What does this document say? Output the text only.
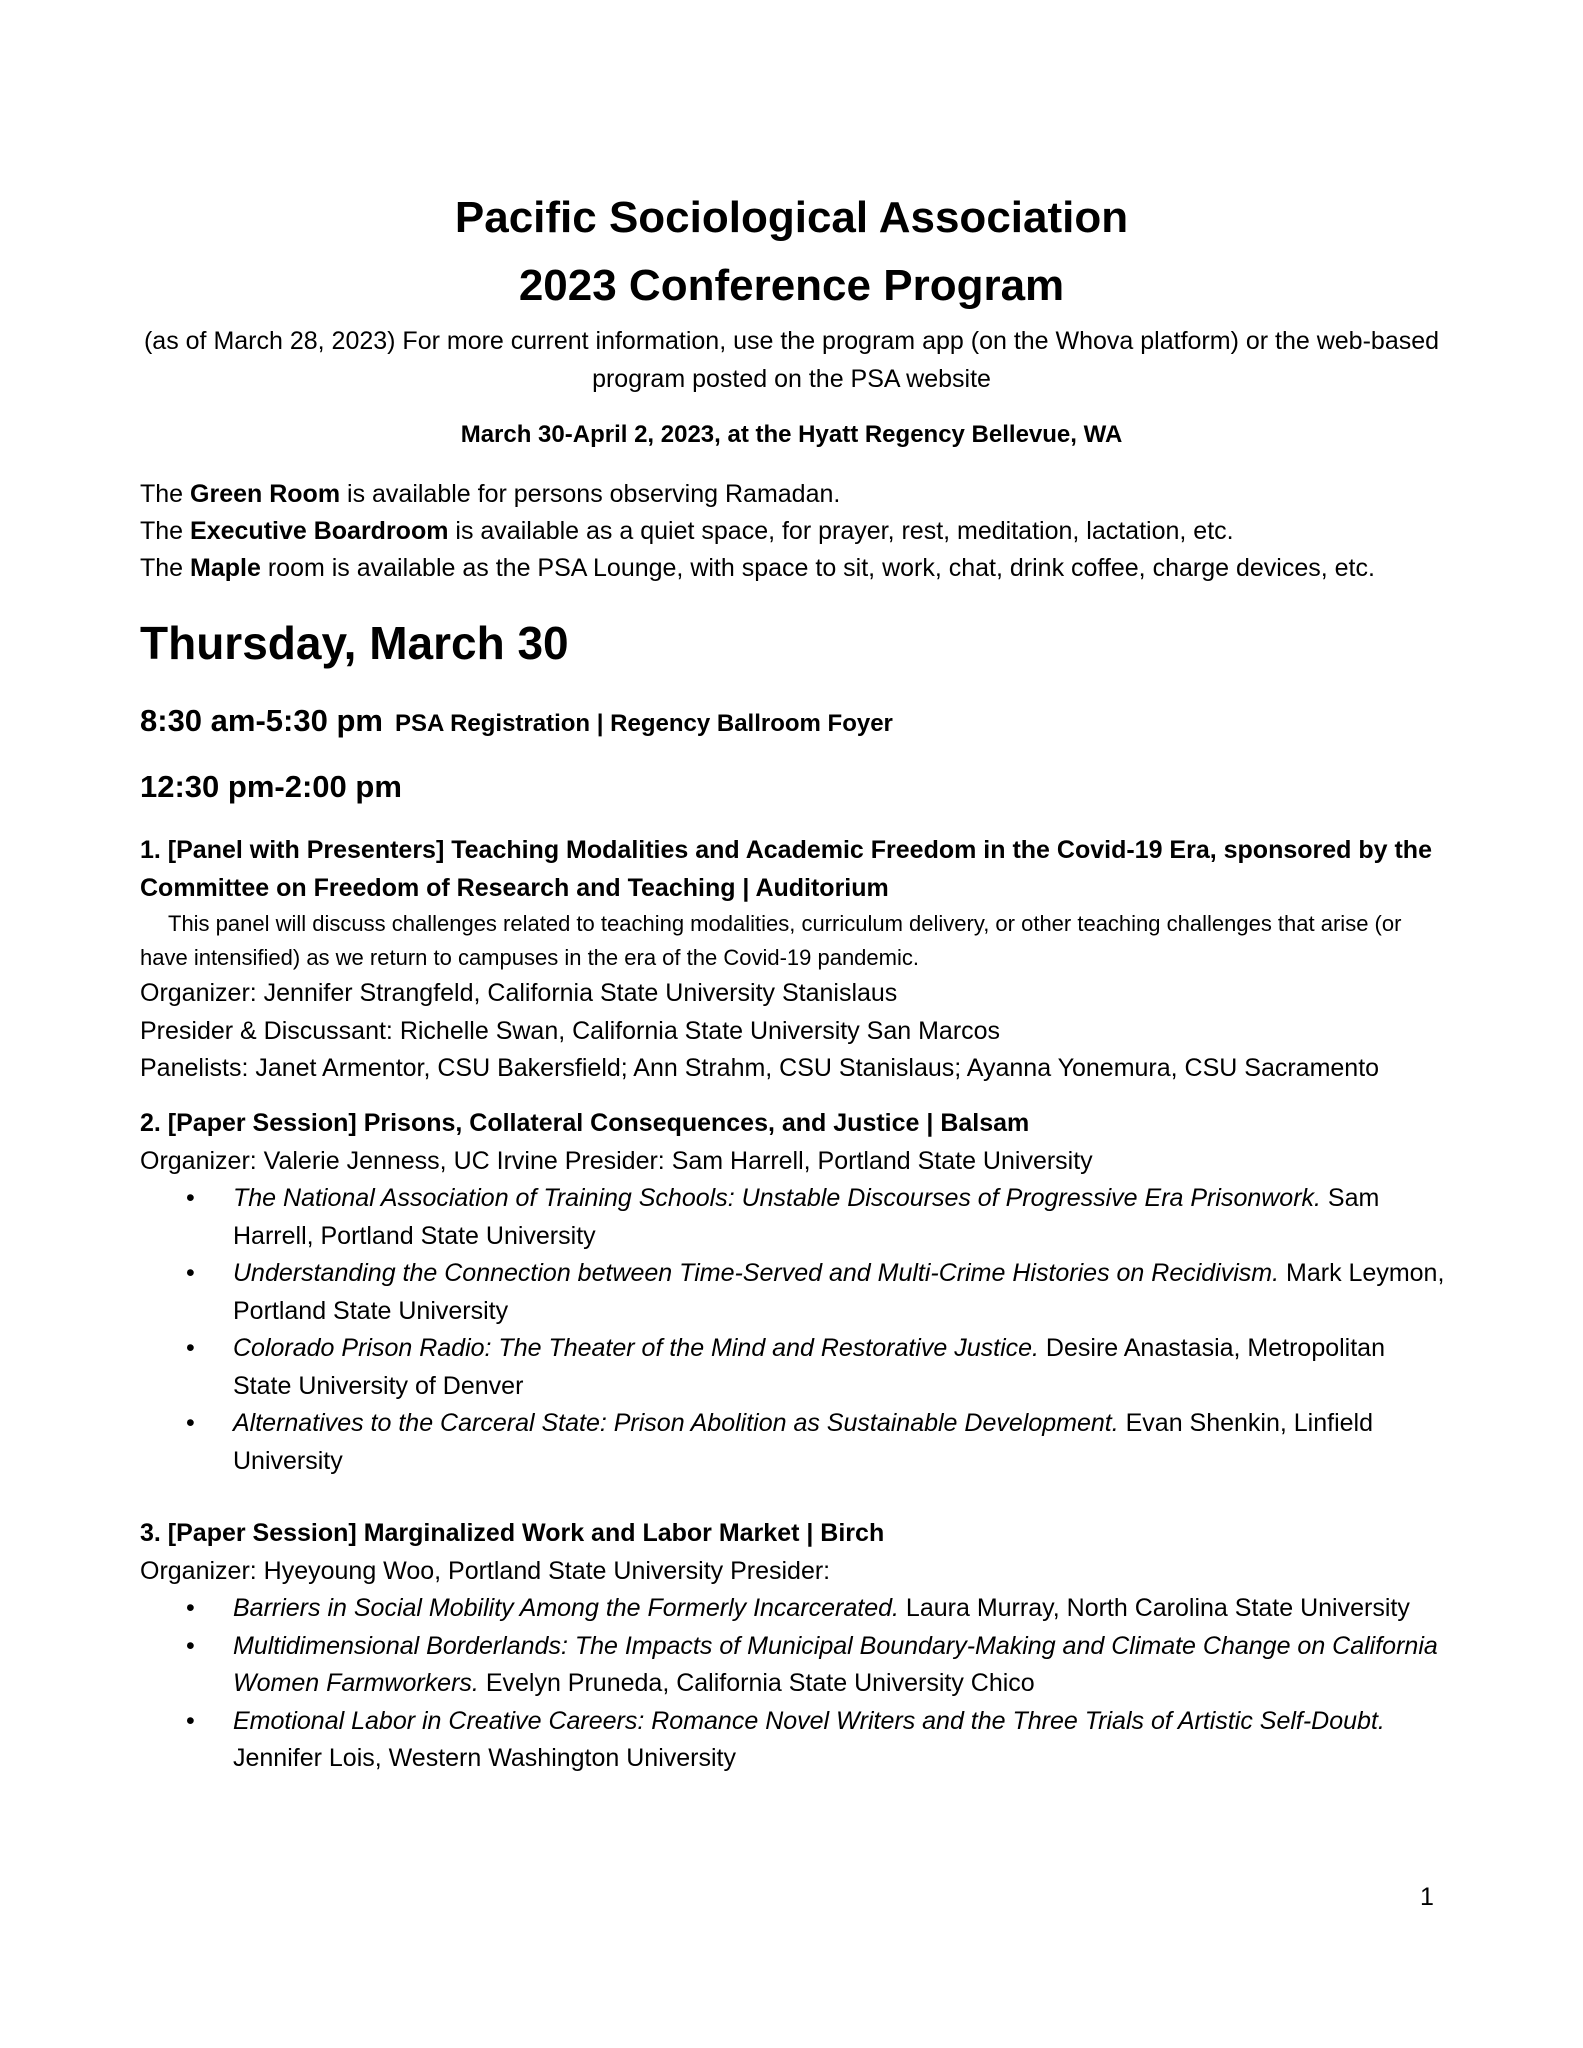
Pacific Sociological Association
2023 Conference Program
(as of March 28, 2023) For more current information, use the program app (on the Whova platform) or the web-based program posted on the PSA website
March 30-April 2, 2023, at the Hyatt Regency Bellevue, WA
The Green Room is available for persons observing Ramadan.
The Executive Boardroom is available as a quiet space, for prayer, rest, meditation, lactation, etc.
The Maple room is available as the PSA Lounge, with space to sit, work, chat, drink coffee, charge devices, etc.
Thursday, March 30
8:30 am-5:30 pm PSA Registration | Regency Ballroom Foyer
12:30 pm-2:00 pm
1. [Panel with Presenters] Teaching Modalities and Academic Freedom in the Covid-19 Era, sponsored by the Committee on Freedom of Research and Teaching | Auditorium
This panel will discuss challenges related to teaching modalities, curriculum delivery, or other teaching challenges that arise (or have intensified) as we return to campuses in the era of the Covid-19 pandemic.
Organizer: Jennifer Strangfeld, California State University Stanislaus
Presider & Discussant: Richelle Swan, California State University San Marcos
Panelists: Janet Armentor, CSU Bakersfield; Ann Strahm, CSU Stanislaus; Ayanna Yonemura, CSU Sacramento
2. [Paper Session] Prisons, Collateral Consequences, and Justice | Balsam
Organizer: Valerie Jenness, UC Irvine Presider: Sam Harrell, Portland State University
• The National Association of Training Schools: Unstable Discourses of Progressive Era Prisonwork. Sam Harrell, Portland State University
• Understanding the Connection between Time-Served and Multi-Crime Histories on Recidivism. Mark Leymon, Portland State University
• Colorado Prison Radio: The Theater of the Mind and Restorative Justice. Desire Anastasia, Metropolitan State University of Denver
• Alternatives to the Carceral State: Prison Abolition as Sustainable Development. Evan Shenkin, Linfield University
3. [Paper Session] Marginalized Work and Labor Market | Birch
Organizer: Hyeyoung Woo, Portland State University Presider:
• Barriers in Social Mobility Among the Formerly Incarcerated. Laura Murray, North Carolina State University
• Multidimensional Borderlands: The Impacts of Municipal Boundary-Making and Climate Change on California Women Farmworkers. Evelyn Pruneda, California State University Chico
• Emotional Labor in Creative Careers: Romance Novel Writers and the Three Trials of Artistic Self-Doubt. Jennifer Lois, Western Washington University
1
